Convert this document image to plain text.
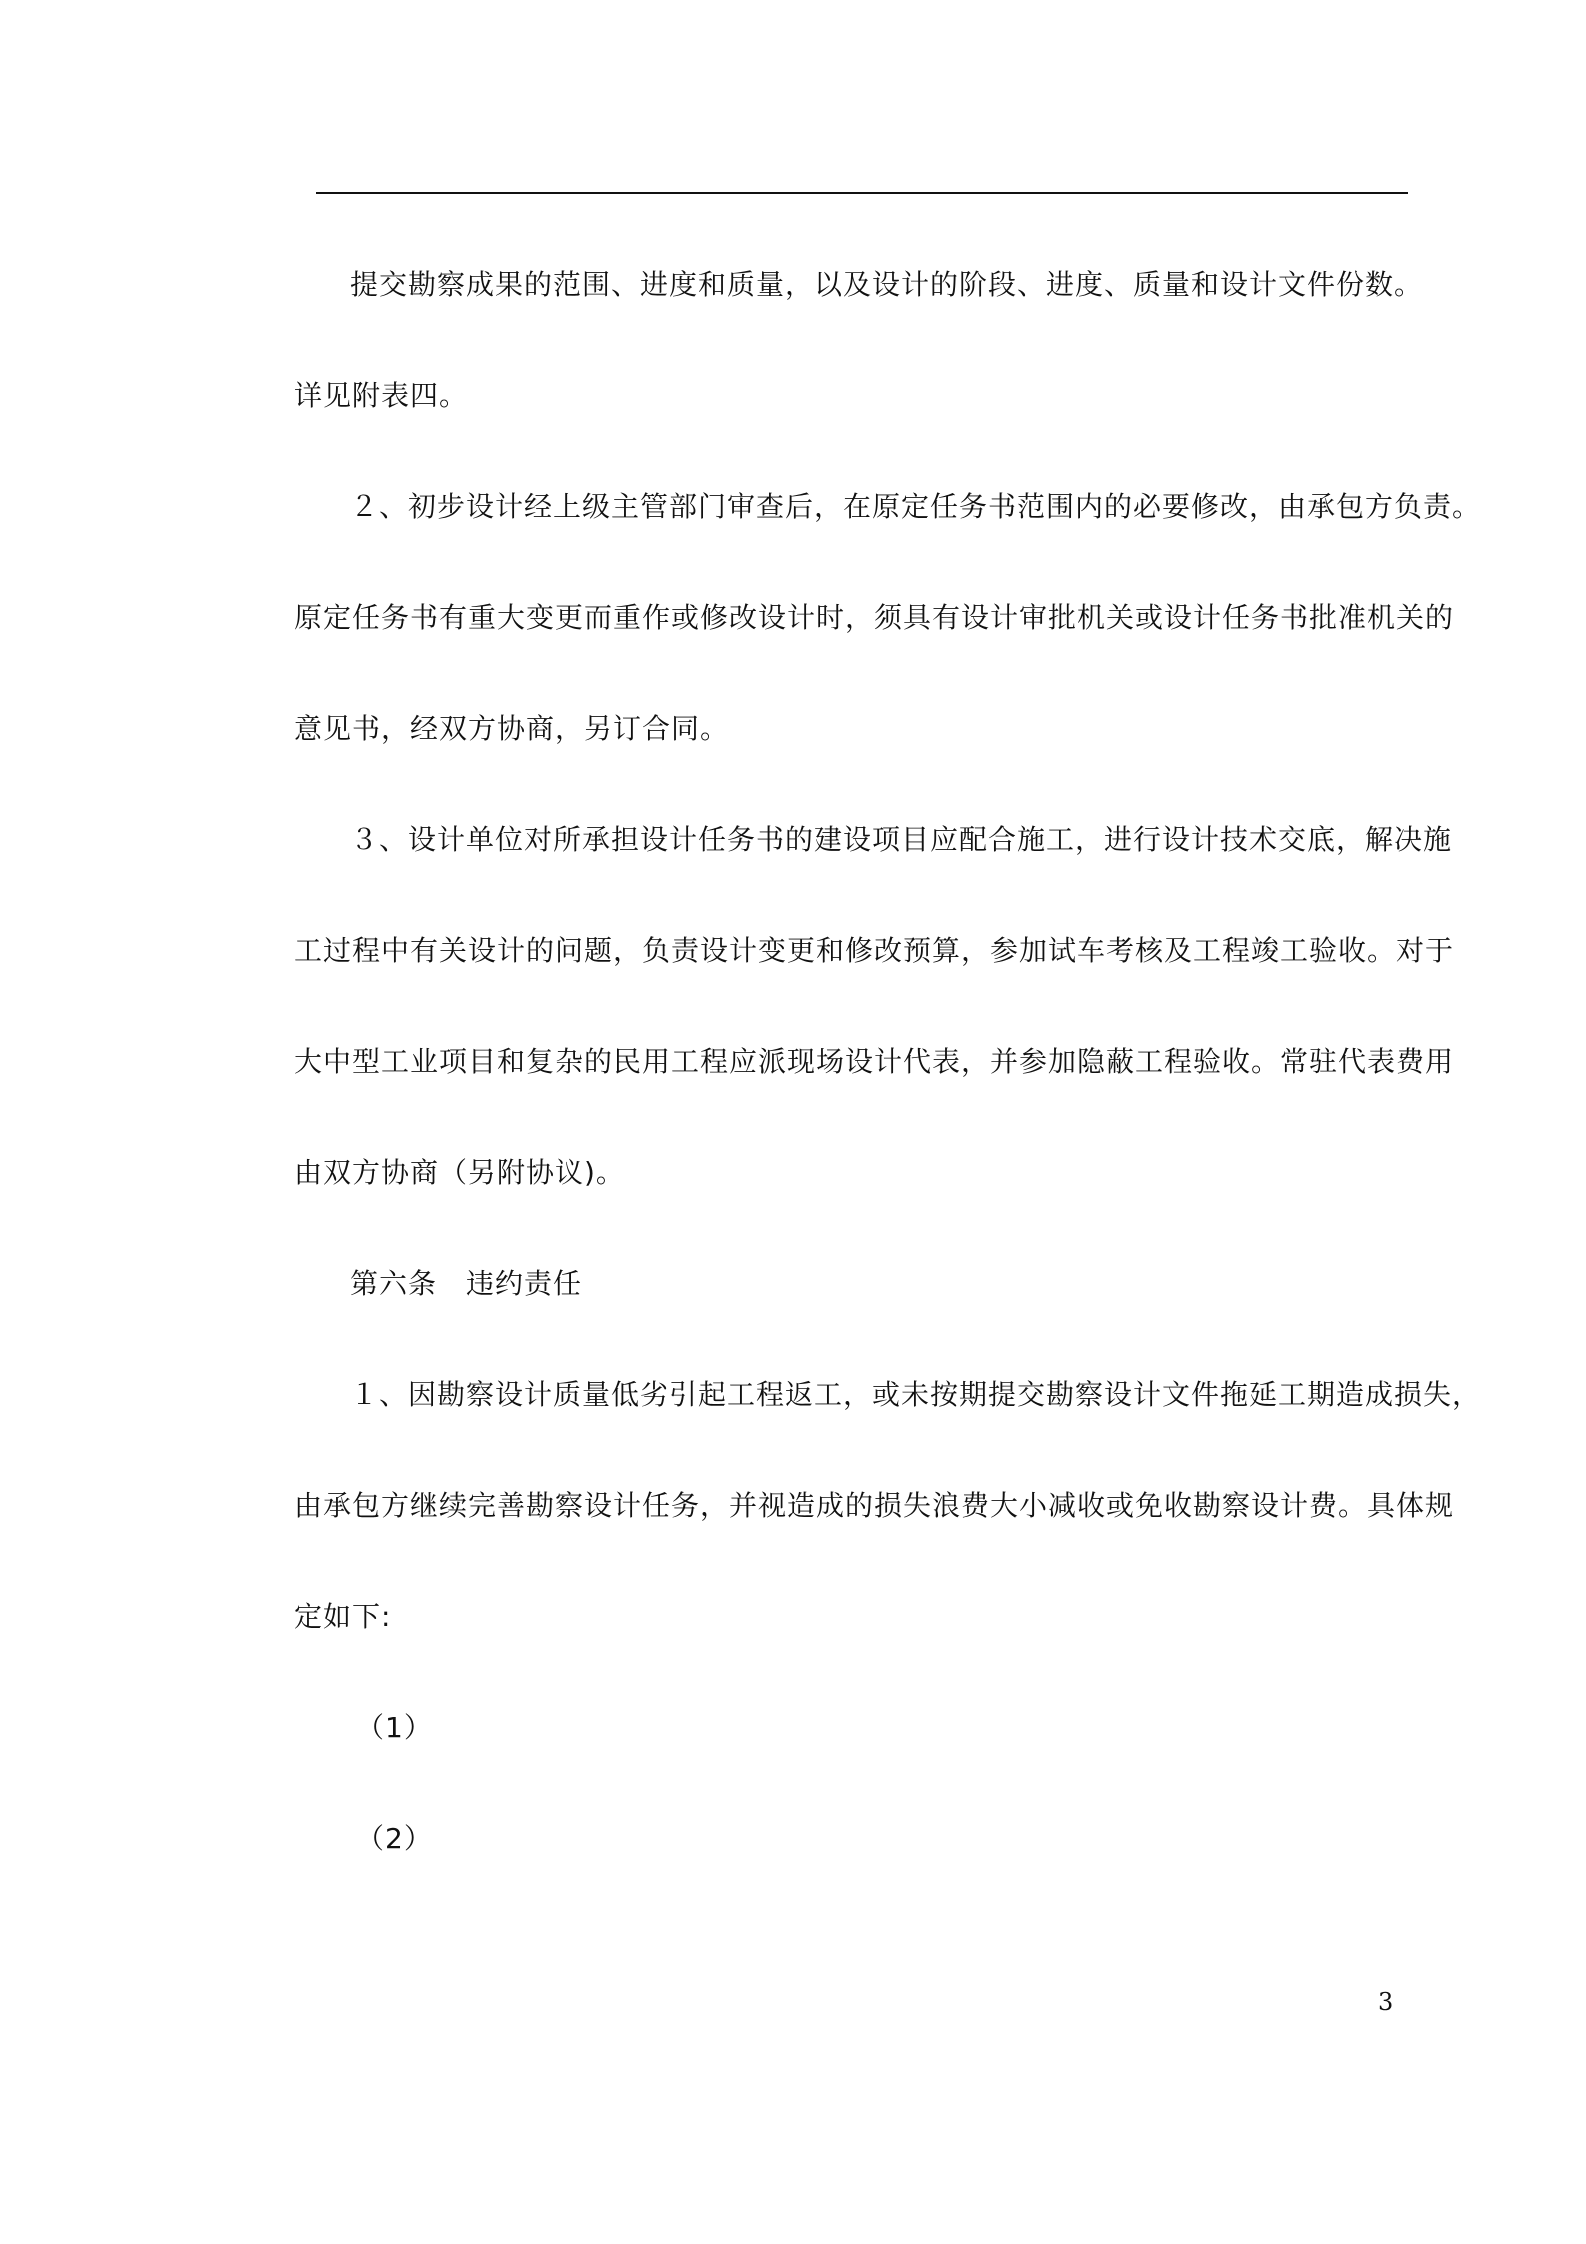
提交勘察成果的范围、进度和质量，以及设计的阶段、进度、质量和设计文件份数。
详见附表四。
２、初步设计经上级主管部门审查后，在原定任务书范围内的必要修改，由承包方负责。
原定任务书有重大变更而重作或修改设计时，须具有设计审批机关或设计任务书批准机关的
意见书，经双方协商，另订合同。
３、设计单位对所承担设计任务书的建设项目应配合施工，进行设计技术交底，解决施
工过程中有关设计的问题，负责设计变更和修改预算，参加试车考核及工程竣工验收。对于
大中型工业项目和复杂的民用工程应派现场设计代表，并参加隐蔽工程验收。常驻代表费用
由双方协商（另附协议)。
第六条　违约责任
１、因勘察设计质量低劣引起工程返工，或未按期提交勘察设计文件拖延工期造成损失，
由承包方继续完善勘察设计任务，并视造成的损失浪费大小减收或免收勘察设计费。具体规
定如下:
（1）
（2）
3
